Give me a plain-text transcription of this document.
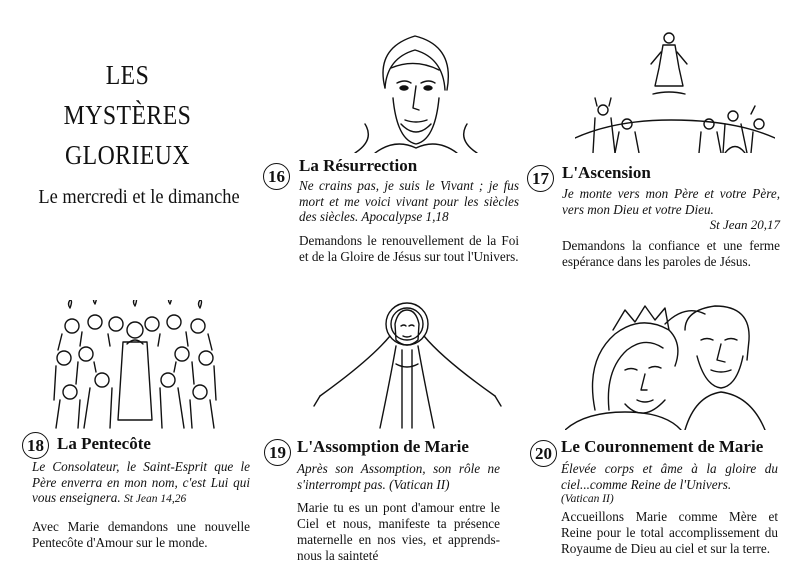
LES
MYSTÈRES
GLORIEUX
Le mercredi et le dimanche
16
La Résurrection
Ne crains pas, je suis le Vivant ; je fus mort et me voici vivant pour les siècles des siècles. Apocalypse 1,18
Demandons le renouvellement de la Foi et de la Gloire de Jésus sur tout l'Univers.
17 L'Ascension
Je monte vers mon Père et votre Père, vers mon Dieu et votre Dieu.
St Jean 20,17
Demandons la confiance et une ferme espérance dans les paroles de Jésus.
18 La Pentecôte
Le Consolateur, le Saint-Esprit que le Père enverra en mon nom, c'est Lui qui vous enseignera. St Jean 14,26
Avec Marie demandons une nouvelle Pentecôte d'Amour sur le monde.
19 L'Assomption de Marie
Après son Assomption, son rôle ne s'interrompt pas. (Vatican II)
Marie tu es un pont d'amour entre le Ciel et nous, manifeste ta présence maternelle en nos vies, et apprends-nous la sainteté
20 Le Couronnement de Marie
Élevée corps et âme à la gloire du ciel...comme Reine de l'Univers.
(Vatican II)
Accueillons Marie comme Mère et Reine pour le total accomplissement du Royaume de Dieu au ciel et sur la terre.
